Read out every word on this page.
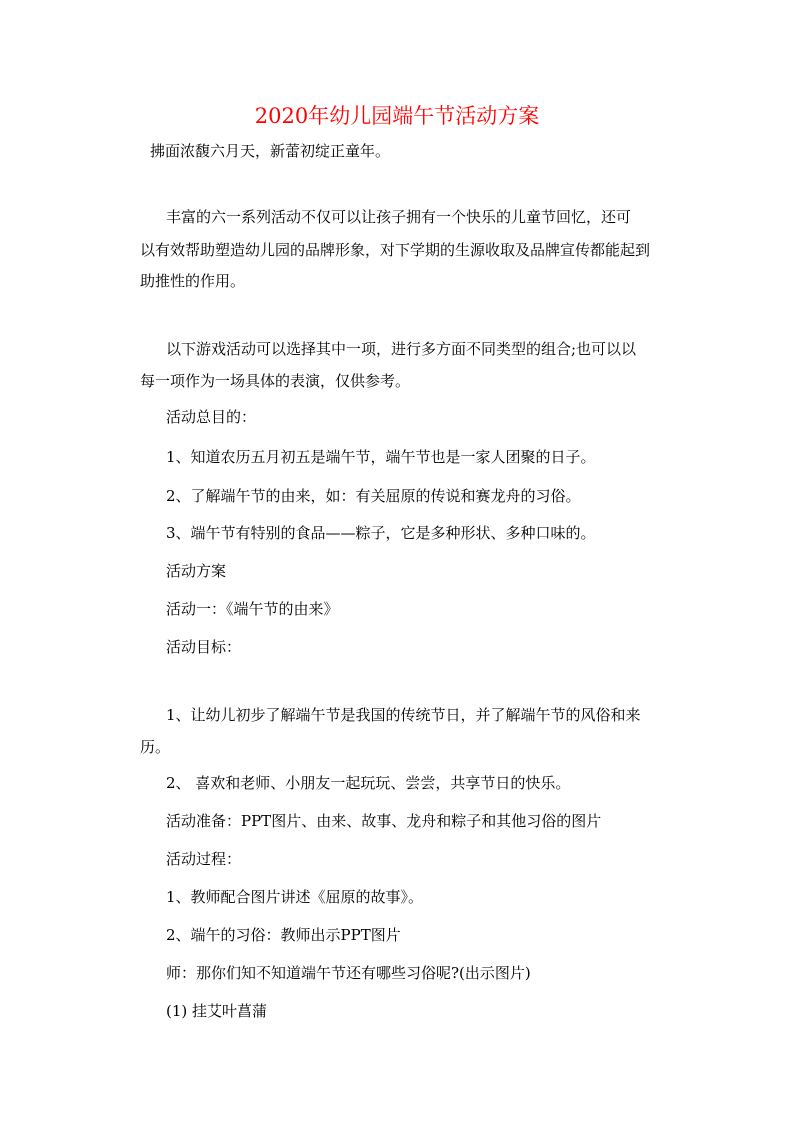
2020年幼儿园端午节活动方案
拂面浓馥六月天，新蕾初绽正童年。
丰富的六一系列活动不仅可以让孩子拥有一个快乐的儿童节回忆，还可
以有效帮助塑造幼儿园的品牌形象，对下学期的生源收取及品牌宣传都能起到
助推性的作用。
以下游戏活动可以选择其中一项，进行多方面不同类型的组合;也可以以
每一项作为一场具体的表演，仅供参考。
活动总目的：
1、知道农历五月初五是端午节，端午节也是一家人团聚的日子。
2、了解端午节的由来，如：有关屈原的传说和赛龙舟的习俗。
3、端午节有特别的食品——粽子，它是多种形状、多种口味的。
活动方案
活动一：《端午节的由来》
活动目标：
1、让幼儿初步了解端午节是我国的传统节日，并了解端午节的风俗和来
历。
2、 喜欢和老师、小朋友一起玩玩、尝尝，共享节日的快乐。
活动准备：PPT图片、由来、故事、龙舟和粽子和其他习俗的图片
活动过程：
1、教师配合图片讲述《屈原的故事》。
2、端午的习俗：教师出示PPT图片
师：那你们知不知道端午节还有哪些习俗呢?(出示图片)
(1) 挂艾叶菖蒲
